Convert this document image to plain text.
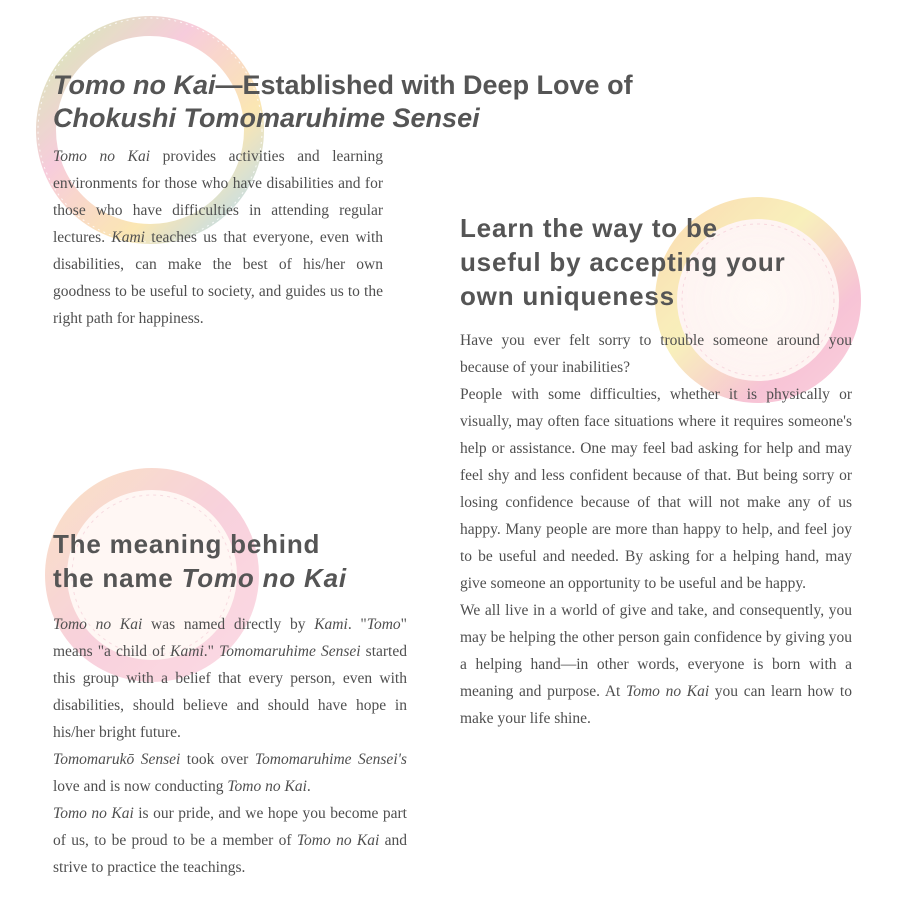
Tomo no Kai—Established with Deep Love of
Chokushi Tomomaruhime Sensei

Tomo no Kai provides activities and learning environments for those who have disabilities and for those who have difficulties in attending regular lectures. Kami teaches us that everyone, even with disabilities, can make the best of his/her own goodness to be useful to society, and guides us to the right path for happiness.

Learn the way to be useful by accepting your own uniqueness

Have you ever felt sorry to trouble someone around you because of your inabilities?

People with some difficulties, whether it is physically or visually, may often face situations where it requires someone's help or assistance. One may feel bad asking for help and may feel shy and less confident because of that. But being sorry or losing confidence because of that will not make any of us happy. Many people are more than happy to help, and feel joy to be useful and needed. By asking for a helping hand, may give someone an opportunity to be useful and be happy.

We all live in a world of give and take, and consequently, you may be helping the other person gain confidence by giving you a helping hand—in other words, everyone is born with a meaning and purpose. At Tomo no Kai you can learn how to make your life shine.

The meaning behind
the name Tomo no Kai

Tomo no Kai was named directly by Kami. "Tomo" means "a child of Kami." Tomomaruhime Sensei started this group with a belief that every person, even with disabilities, should believe and should have hope in his/her bright future.

Tomomarukō Sensei took over Tomomaruhime Sensei's love and is now conducting Tomo no Kai.

Tomo no Kai is our pride, and we hope you become part of us, to be proud to be a member of Tomo no Kai and strive to practice the teachings.
